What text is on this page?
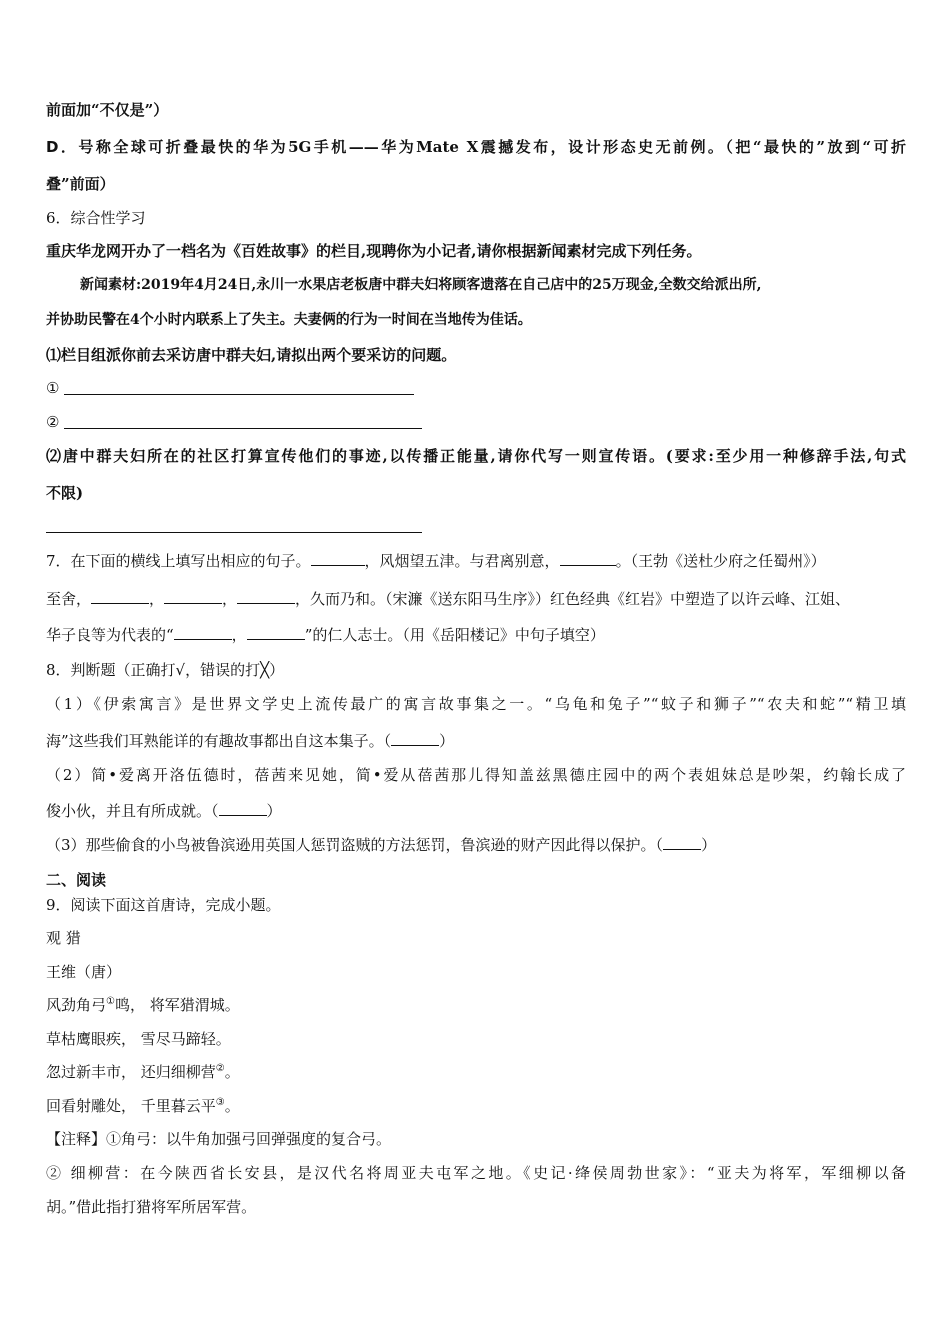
前面加“不仅是”）
D．号称全球可折叠最快的华为5G手机——华为Mate X震撼发布，设计形态史无前例。（把“最快的”放到“可折
叠”前面）
6．综合性学习
重庆华龙网开办了一档名为《百姓故事》的栏目,现聘你为小记者,请你根据新闻素材完成下列任务。
新闻素材:2019年4月24日,永川一水果店老板唐中群夫妇将顾客遗落在自己店中的25万现金,全数交给派出所,
并协助民警在4个小时内联系上了失主。夫妻俩的行为一时间在当地传为佳话。
⑴栏目组派你前去采访唐中群夫妇,请拟出两个要采访的问题。
①
②
⑵唐中群夫妇所在的社区打算宣传他们的事迹,以传播正能量,请你代写一则宣传语。(要求:至少用一种修辞手法,句式
不限)
7．在下面的横线上填写出相应的句子。	，风烟望五津。与君离别意，	。（王勃《送杜少府之任蜀州》）
至舍，	，	，	，久而乃和。（宋濂《送东阳马生序》）红色经典《红岩》中塑造了以许云峰、江姐、
华子良等为代表的“	，	”的仁人志士。（用《岳阳楼记》中句子填空）
8．判断题（正确打√，错误的打╳）
（1）《伊索寓言》是世界文学史上流传最广的寓言故事集之一。“乌龟和兔子”“蚊子和狮子”“农夫和蛇”“精卫填
海”这些我们耳熟能详的有趣故事都出自这本集子。（	）
（2）简•爱离开洛伍德时，蓓茜来见她，简•爱从蓓茜那儿得知盖兹黑德庄园中的两个表姐妹总是吵架，约翰长成了
俊小伙，并且有所成就。（	）
（3）那些偷食的小鸟被鲁滨逊用英国人惩罚盗贼的方法惩罚，鲁滨逊的财产因此得以保护。（	）
二、阅读
9．阅读下面这首唐诗，完成小题。
观 猎
王维（唐）
风劲角弓①鸣， 将军猎渭城。
草枯鹰眼疾， 雪尽马蹄轻。
忽过新丰市， 还归细柳营②。
回看射雕处， 千里暮云平③。
【注释】①角弓：以牛角加强弓回弹强度的复合弓。
② 细柳营：在今陕西省长安县，是汉代名将周亚夫屯军之地。《史记·绛侯周勃世家》：“亚夫为将军，军细柳以备
胡。”借此指打猎将军所居军营。
